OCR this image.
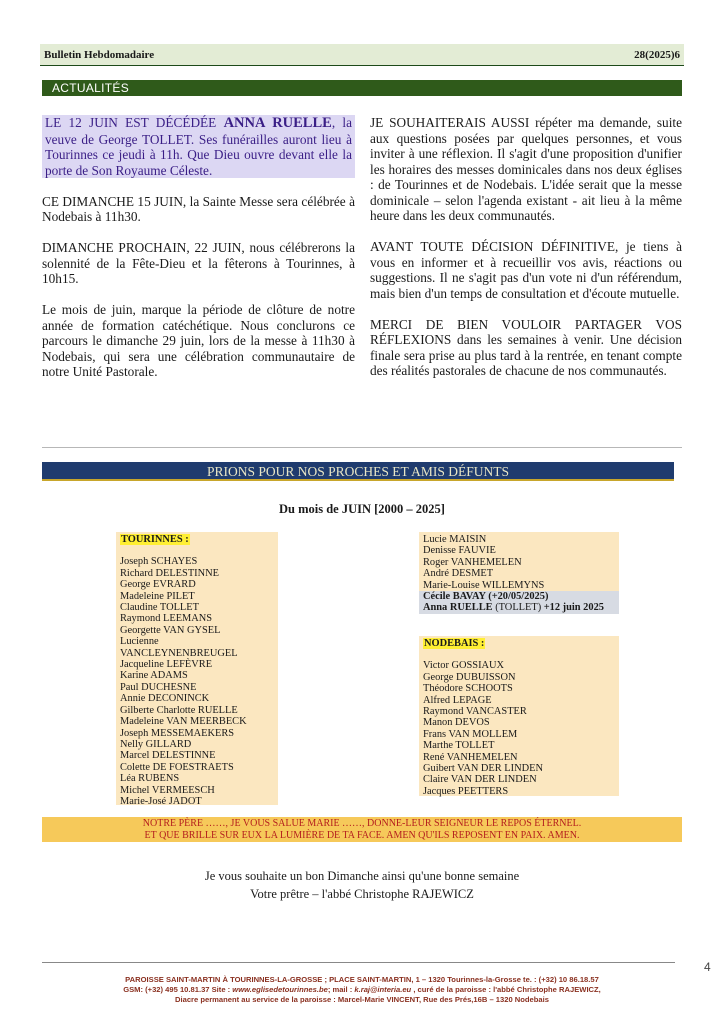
Bulletin Hebdomadaire	28(2025)6
ACTUALITÉS
LE 12 JUIN EST DÉCÉDÉE ANNA RUELLE, la veuve de George TOLLET. Ses funérailles auront lieu à Tourinnes ce jeudi à 11h. Que Dieu ouvre devant elle la porte de Son Royaume Céleste.

CE DIMANCHE 15 JUIN, la Sainte Messe sera célébrée à Nodebais à 11h30.

DIMANCHE PROCHAIN, 22 JUIN, nous célébrerons la solennité de la Fête-Dieu et la fêterons à Tourinnes, à 10h15.

Le mois de juin, marque la période de clôture de notre année de formation catéchétique. Nous conclurons ce parcours le dimanche 29 juin, lors de la messe à 11h30 à Nodebais, qui sera une célébration communautaire de notre Unité Pastorale.

JE SOUHAITERAIS AUSSI répéter ma demande, suite aux questions posées par quelques personnes, et vous inviter à une réflexion. Il s'agit d'une proposition d'unifier les horaires des messes dominicales dans nos deux églises : de Tourinnes et de Nodebais. L'idée serait que la messe dominicale – selon l'agenda existant - ait lieu à la même heure dans les deux communautés.

AVANT TOUTE DÉCISION DÉFINITIVE, je tiens à vous en informer et à recueillir vos avis, réactions ou suggestions. Il ne s'agit pas d'un vote ni d'un référendum, mais bien d'un temps de consultation et d'écoute mutuelle.

MERCI DE BIEN VOULOIR PARTAGER VOS RÉFLEXIONS dans les semaines à venir. Une décision finale sera prise au plus tard à la rentrée, en tenant compte des réalités pastorales de chacune de nos communautés.

PRIONS POUR NOS PROCHES ET AMIS DÉFUNTS
Du mois de JUIN [2000 – 2025]
TOURINNES :
Joseph SCHAYES
Richard DELESTINNE
George EVRARD
Madeleine PILET
Claudine TOLLET
Raymond LEEMANS
Georgette VAN GYSEL
Lucienne
VANCLEYNENBREUGEL
Jacqueline LEFÈVRE
Karine ADAMS
Paul DUCHESNE
Annie DECONINCK
Gilberte Charlotte RUELLE
Madeleine VAN MEERBECK
Joseph MESSEMAEKERS
Nelly GILLARD
Marcel DELESTINNE
Colette DE FOESTRAETS
Léa RUBENS
Michel VERMEESCH
Marie-José JADOT
Lucie MAISIN
Denisse FAUVIE
Roger VANHEMELEN
André DESMET
Marie-Louise WILLEMYNS
Cécile BAVAY (+20/05/2025)
Anna RUELLE (TOLLET) +12 juin 2025
NODEBAIS :
Victor GOSSIAUX
George DUBUISSON
Théodore SCHOOTS
Alfred LEPAGE
Raymond VANCASTER
Manon DEVOS
Frans VAN MOLLEM
Marthe TOLLET
René VANHEMELEN
Guibert VAN DER LINDEN
Claire VAN DER LINDEN
Jacques PEETTERS
NOTRE PÈRE ……, JE VOUS SALUE MARIE ……, DONNE-LEUR SEIGNEUR LE REPOS ÉTERNEL.
ET QUE BRILLE SUR EUX LA LUMIÈRE DE TA FACE. AMEN QU'ILS REPOSENT EN PAIX. AMEN.
Je vous souhaite un bon Dimanche ainsi qu'une bonne semaine
Votre prêtre – l'abbé Christophe RAJEWICZ
4
PAROISSE SAINT-MARTIN À TOURINNES-LA-GROSSE ; PLACE SAINT-MARTIN, 1 – 1320 Tourinnes-la-Grosse te. : (+32) 10 86.18.57
GSM: (+32) 495 10.81.37 Site : www.eglisedetourinnes.be; mail : k.raj@interia.eu , curé de la paroisse : l'abbé Christophe RAJEWICZ,
Diacre permanent au service de la paroisse : Marcel-Marie VINCENT, Rue des Prés,16B – 1320 Nodebais
